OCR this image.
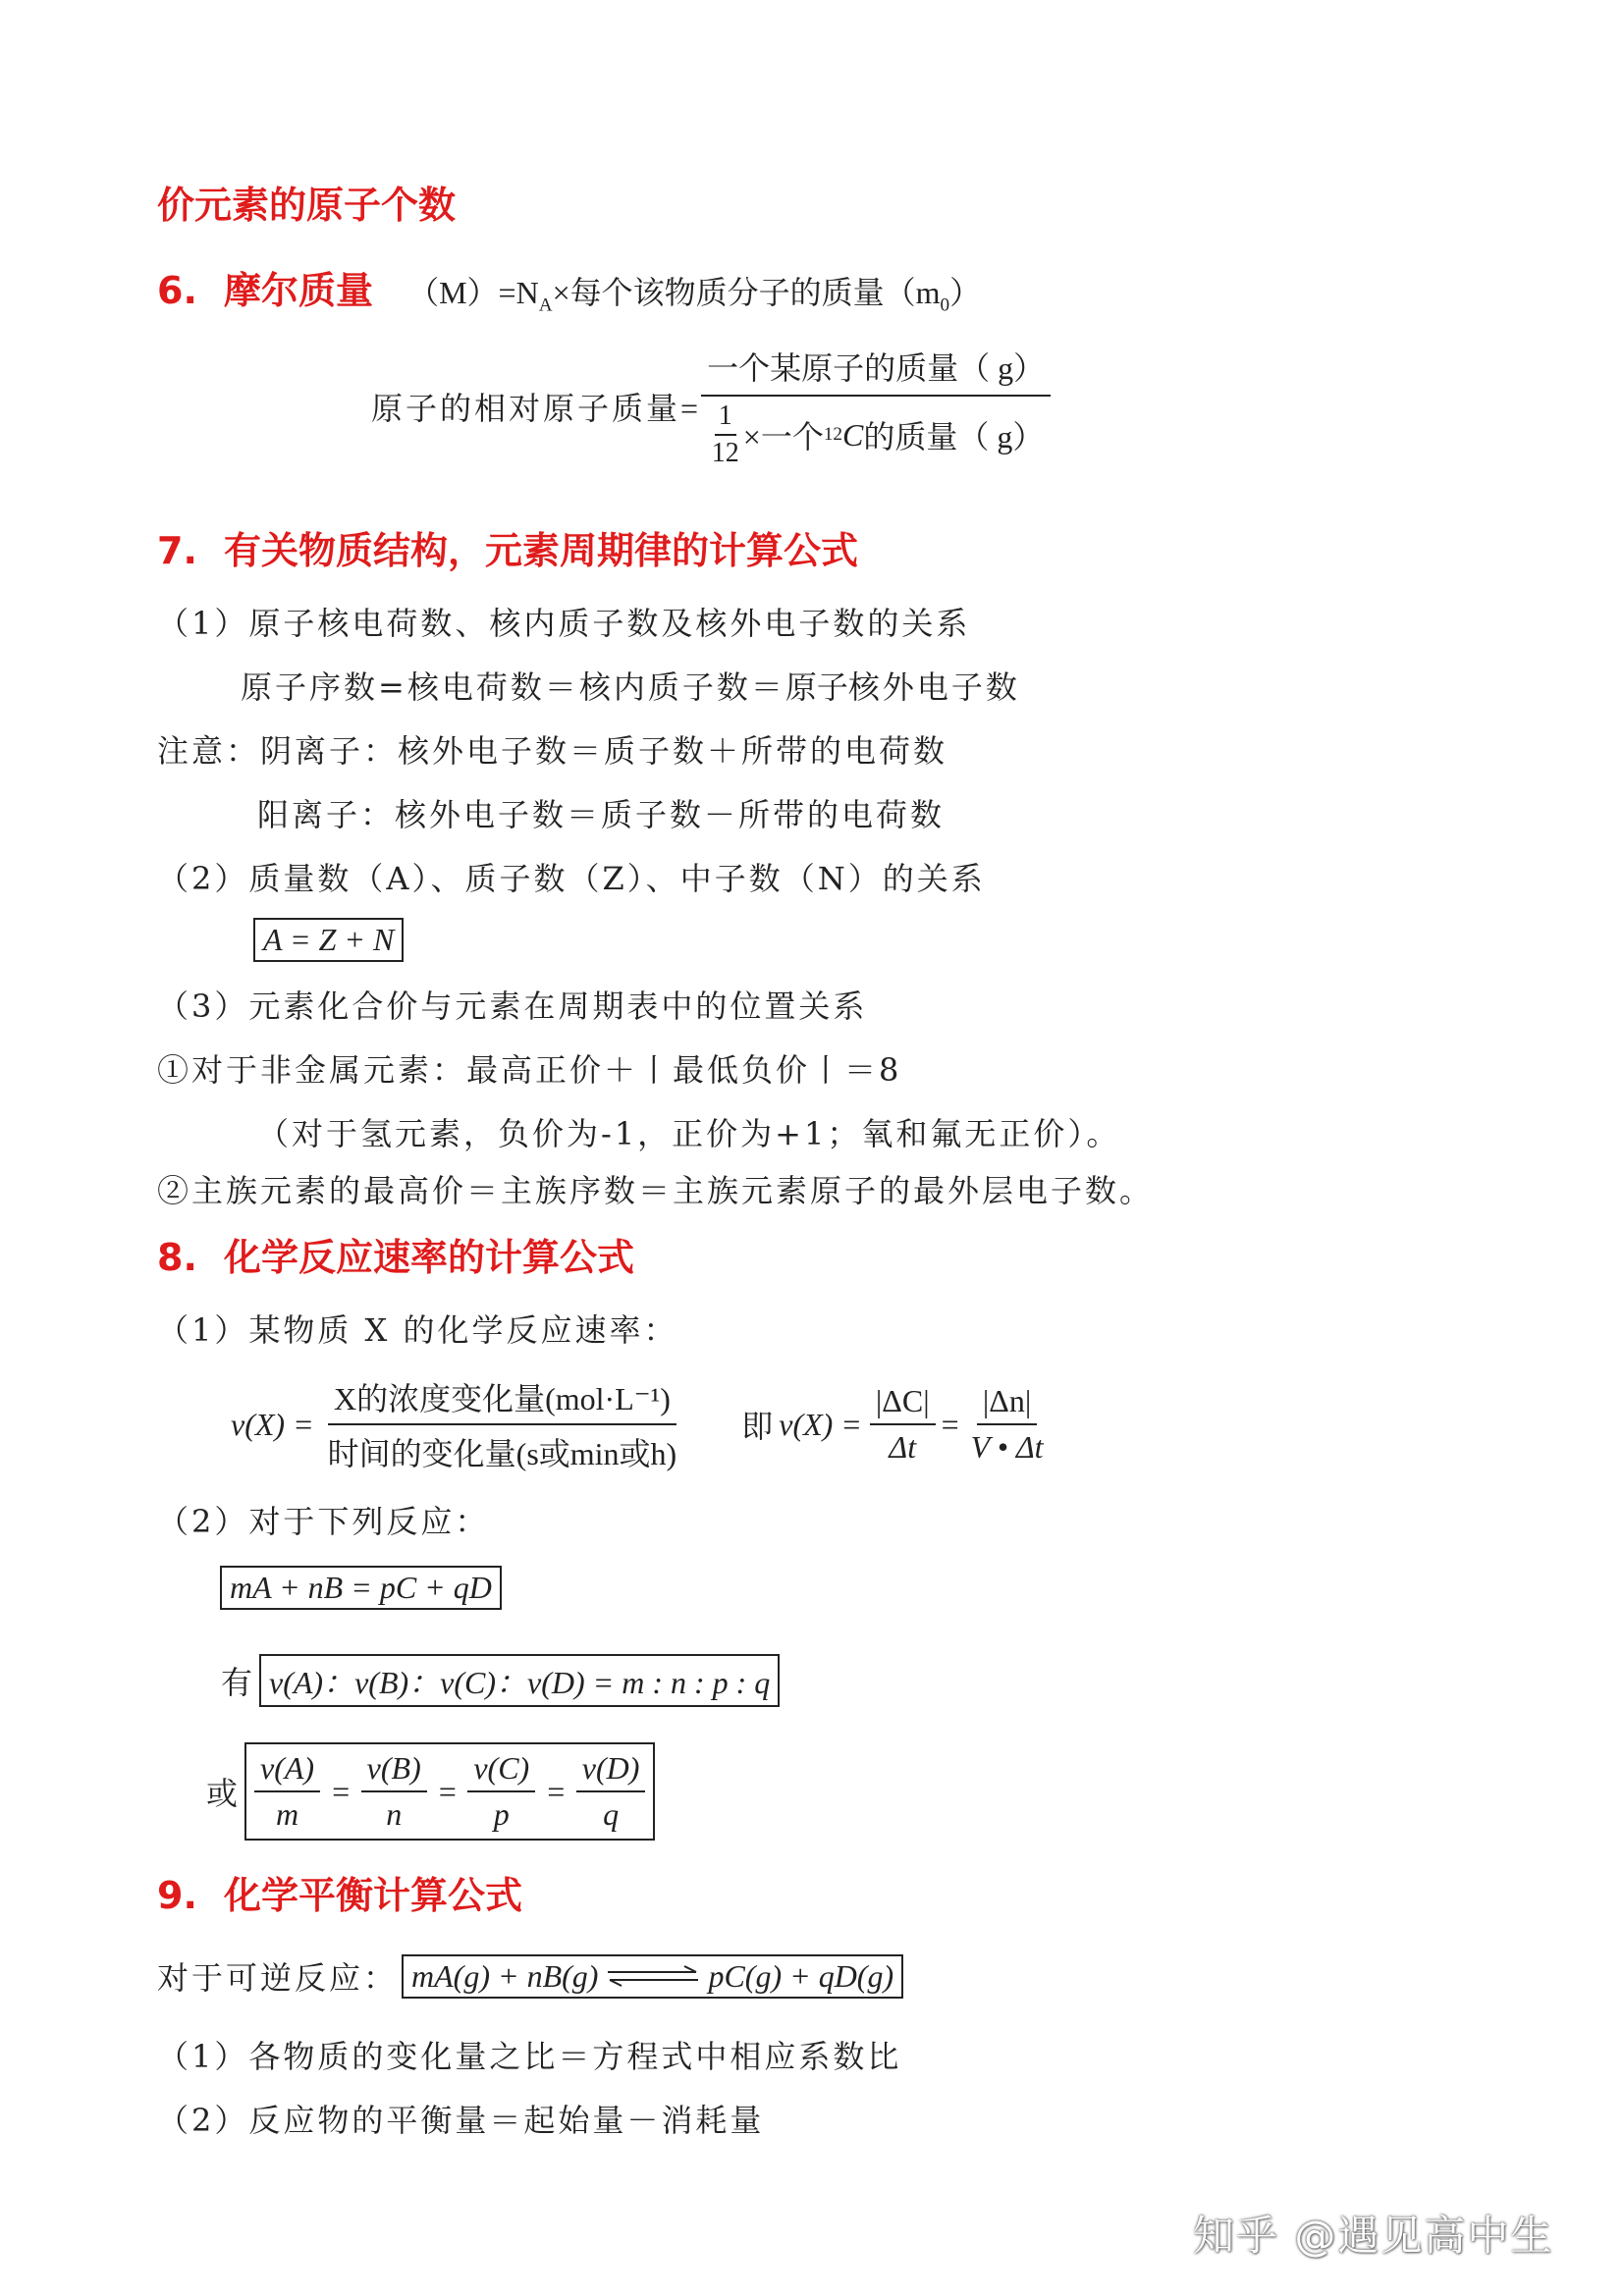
价元素的原子个数
6. 摩尔质量 $(M)=N_A\times$每个该物质分子的质量$(m_0)$
原子的相对原子质量= $\frac{\text{一个某原子的质量（ g）}}{\frac{1}{12} \times 一个 12 C 的质量( g)}$
7. 有关物质结构，元素周期律的计算公式
（1）原子核电荷数、核内质子数及核外电子数的关系
原子序数=核电荷数＝核内质子数＝原子核外电子数
注意：阴离子：核外电子数＝质子数＋所带的电荷数
阳离子：核外电子数＝质子数－所带的电荷数
（2）质量数（A）、质子数（Z）、中子数（N）的关系
A = Z + N
（3）元素化合价与元素在周期表中的位置关系
①对于非金属元素：最高正价＋丨最低负价丨＝8
（对于氢元素，负价为-1，正价为+1；氧和氟无正价）。
②主族元素的最高价＝主族序数＝主族元素原子的最外层电子数。
8. 化学反应速率的计算公式
（1）某物质 X 的化学反应速率：
$v(X) = \frac{\text{X的浓度变化量(mol·L⁻¹)}}{\text{时间的变化量(s或min或h)}}$ 即 $v(X) = \frac{|\Delta C|}{\Delta t} = \frac{|\Delta n|}{V • \Delta t}$
（2）对于下列反应：
mA + nB = pC + qD
有 v(A)：v(B)：v(C)：v(D) = m : n : p : q
或 $\frac{v(A)}{m} = \frac{v(B)}{n} = \frac{v(C)}{p} = \frac{v(D)}{q}$
9. 化学平衡计算公式
对于可逆反应： mA(g) + nB(g) ⇌ pC(g) + qD(g)
（1）各物质的变化量之比＝方程式中相应系数比
（2）反应物的平衡量＝起始量－消耗量
知乎 @遇见高中生
